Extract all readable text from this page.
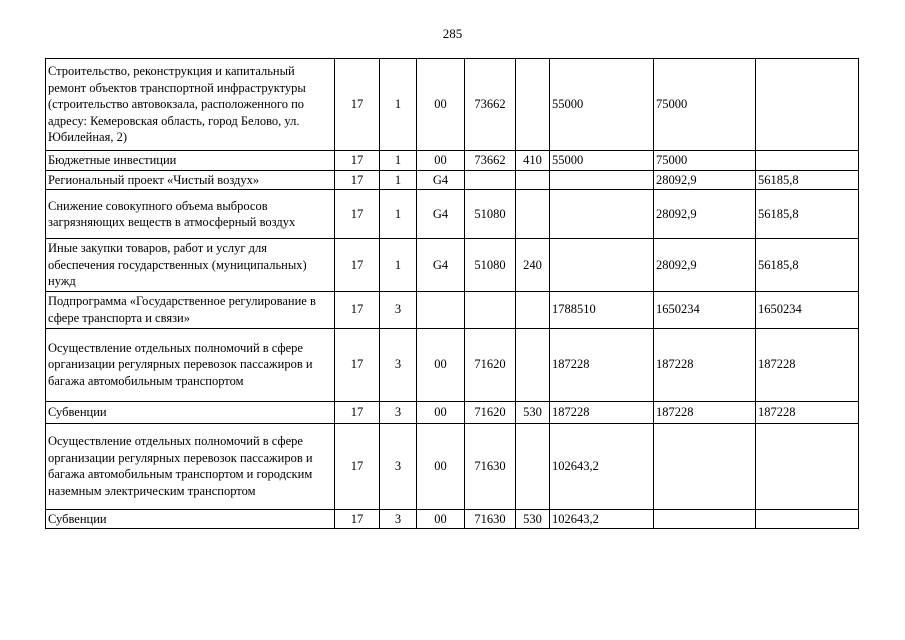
285
Строительство, реконструкция и капитальный ремонт объектов транспортной инфраструктуры (строительство автовокзала, расположенного по адресу: Кемеровская область, город Белово, ул. Юбилейная, 2)	17	1	00	73662		55000	75000	
Бюджетные инвестиции	17	1	00	73662	410	55000	75000	
Региональный проект «Чистый воздух»	17	1	G4				28092,9	56185,8
Снижение совокупного объема выбросов загрязняющих веществ в атмосферный воздух	17	1	G4	51080			28092,9	56185,8
Иные закупки товаров, работ и услуг для обеспечения государственных (муниципальных) нужд	17	1	G4	51080	240		28092,9	56185,8
Подпрограмма «Государственное регулирование в сфере транспорта и связи»	17	3				1788510	1650234	1650234
Осуществление отдельных полномочий в сфере организации регулярных перевозок пассажиров и багажа автомобильным транспортом	17	3	00	71620		187228	187228	187228
Субвенции	17	3	00	71620	530	187228	187228	187228
Осуществление отдельных полномочий в сфере организации регулярных перевозок пассажиров и багажа автомобильным транспортом и городским наземным электрическим транспортом	17	3	00	71630		102643,2		
Субвенции	17	3	00	71630	530	102643,2		
